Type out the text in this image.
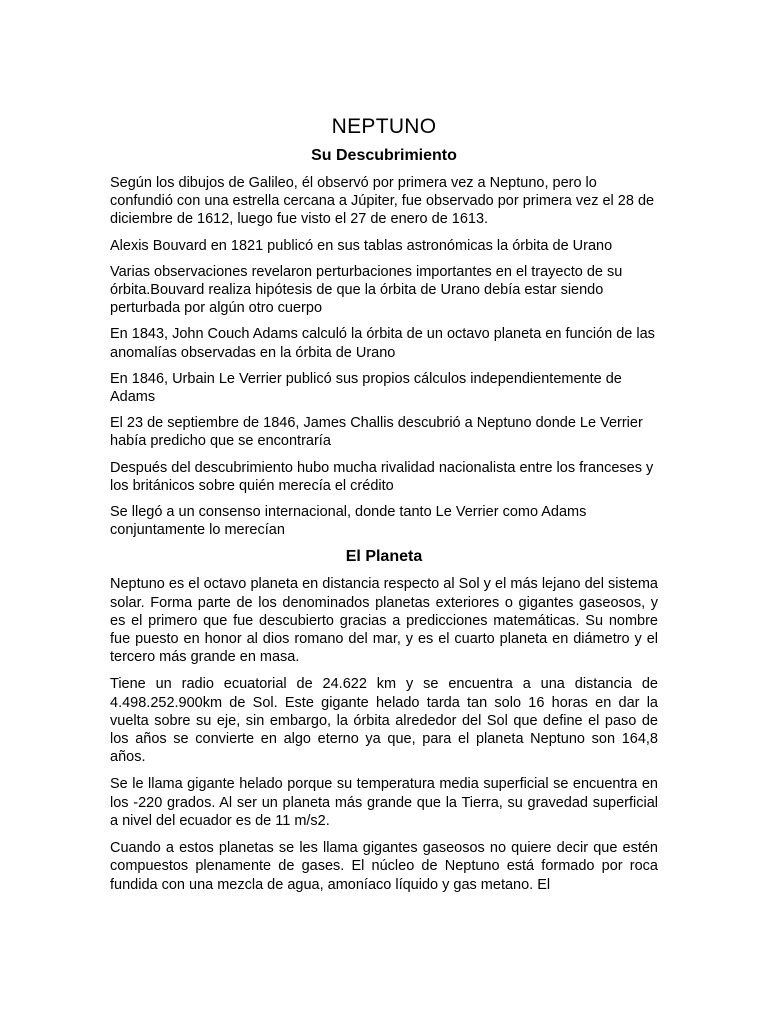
NEPTUNO
Su Descubrimiento

Según los dibujos de Galileo, él observó por primera vez a Neptuno, pero lo confundió con una estrella cercana a Júpiter, fue observado por primera vez el 28 de diciembre de 1612, luego fue visto el 27 de enero de 1613.

Alexis Bouvard en 1821 publicó en sus tablas astronómicas la órbita de Urano

Varias observaciones revelaron perturbaciones importantes en el trayecto de su órbita.Bouvard realiza hipótesis de que la órbita de Urano debía estar siendo perturbada por algún otro cuerpo

En 1843, John Couch Adams calculó la órbita de un octavo planeta en función de las anomalías observadas en la órbita de Urano

En 1846, Urbain Le Verrier publicó sus propios cálculos independientemente de Adams

El 23 de septiembre de 1846, James Challis descubrió a Neptuno donde Le Verrier había predicho que se encontraría

Después del descubrimiento hubo mucha rivalidad nacionalista entre los franceses y los británicos sobre quién merecía el crédito

Se llegó a un consenso internacional, donde tanto Le Verrier como Adams conjuntamente lo merecían

El Planeta

Neptuno es el octavo planeta en distancia respecto al Sol y el más lejano del sistema solar. Forma parte de los denominados planetas exteriores o gigantes gaseosos, y es el primero que fue descubierto gracias a predicciones matemáticas. Su nombre fue puesto en honor al dios romano del mar, y es el cuarto planeta en diámetro y el tercero más grande en masa.

Tiene un radio ecuatorial de 24.622 km y se encuentra a una distancia de 4.498.252.900km de Sol. Este gigante helado tarda tan solo 16 horas en dar la vuelta sobre su eje, sin embargo, la órbita alrededor del Sol que define el paso de los años se convierte en algo eterno ya que, para el planeta Neptuno son 164,8 años.

Se le llama gigante helado porque su temperatura media superficial se encuentra en los -220 grados. Al ser un planeta más grande que la Tierra, su gravedad superficial a nivel del ecuador es de 11 m/s2.

Cuando a estos planetas se les llama gigantes gaseosos no quiere decir que estén compuestos plenamente de gases. El núcleo de Neptuno está formado por roca fundida con una mezcla de agua, amoníaco líquido y gas metano. El
